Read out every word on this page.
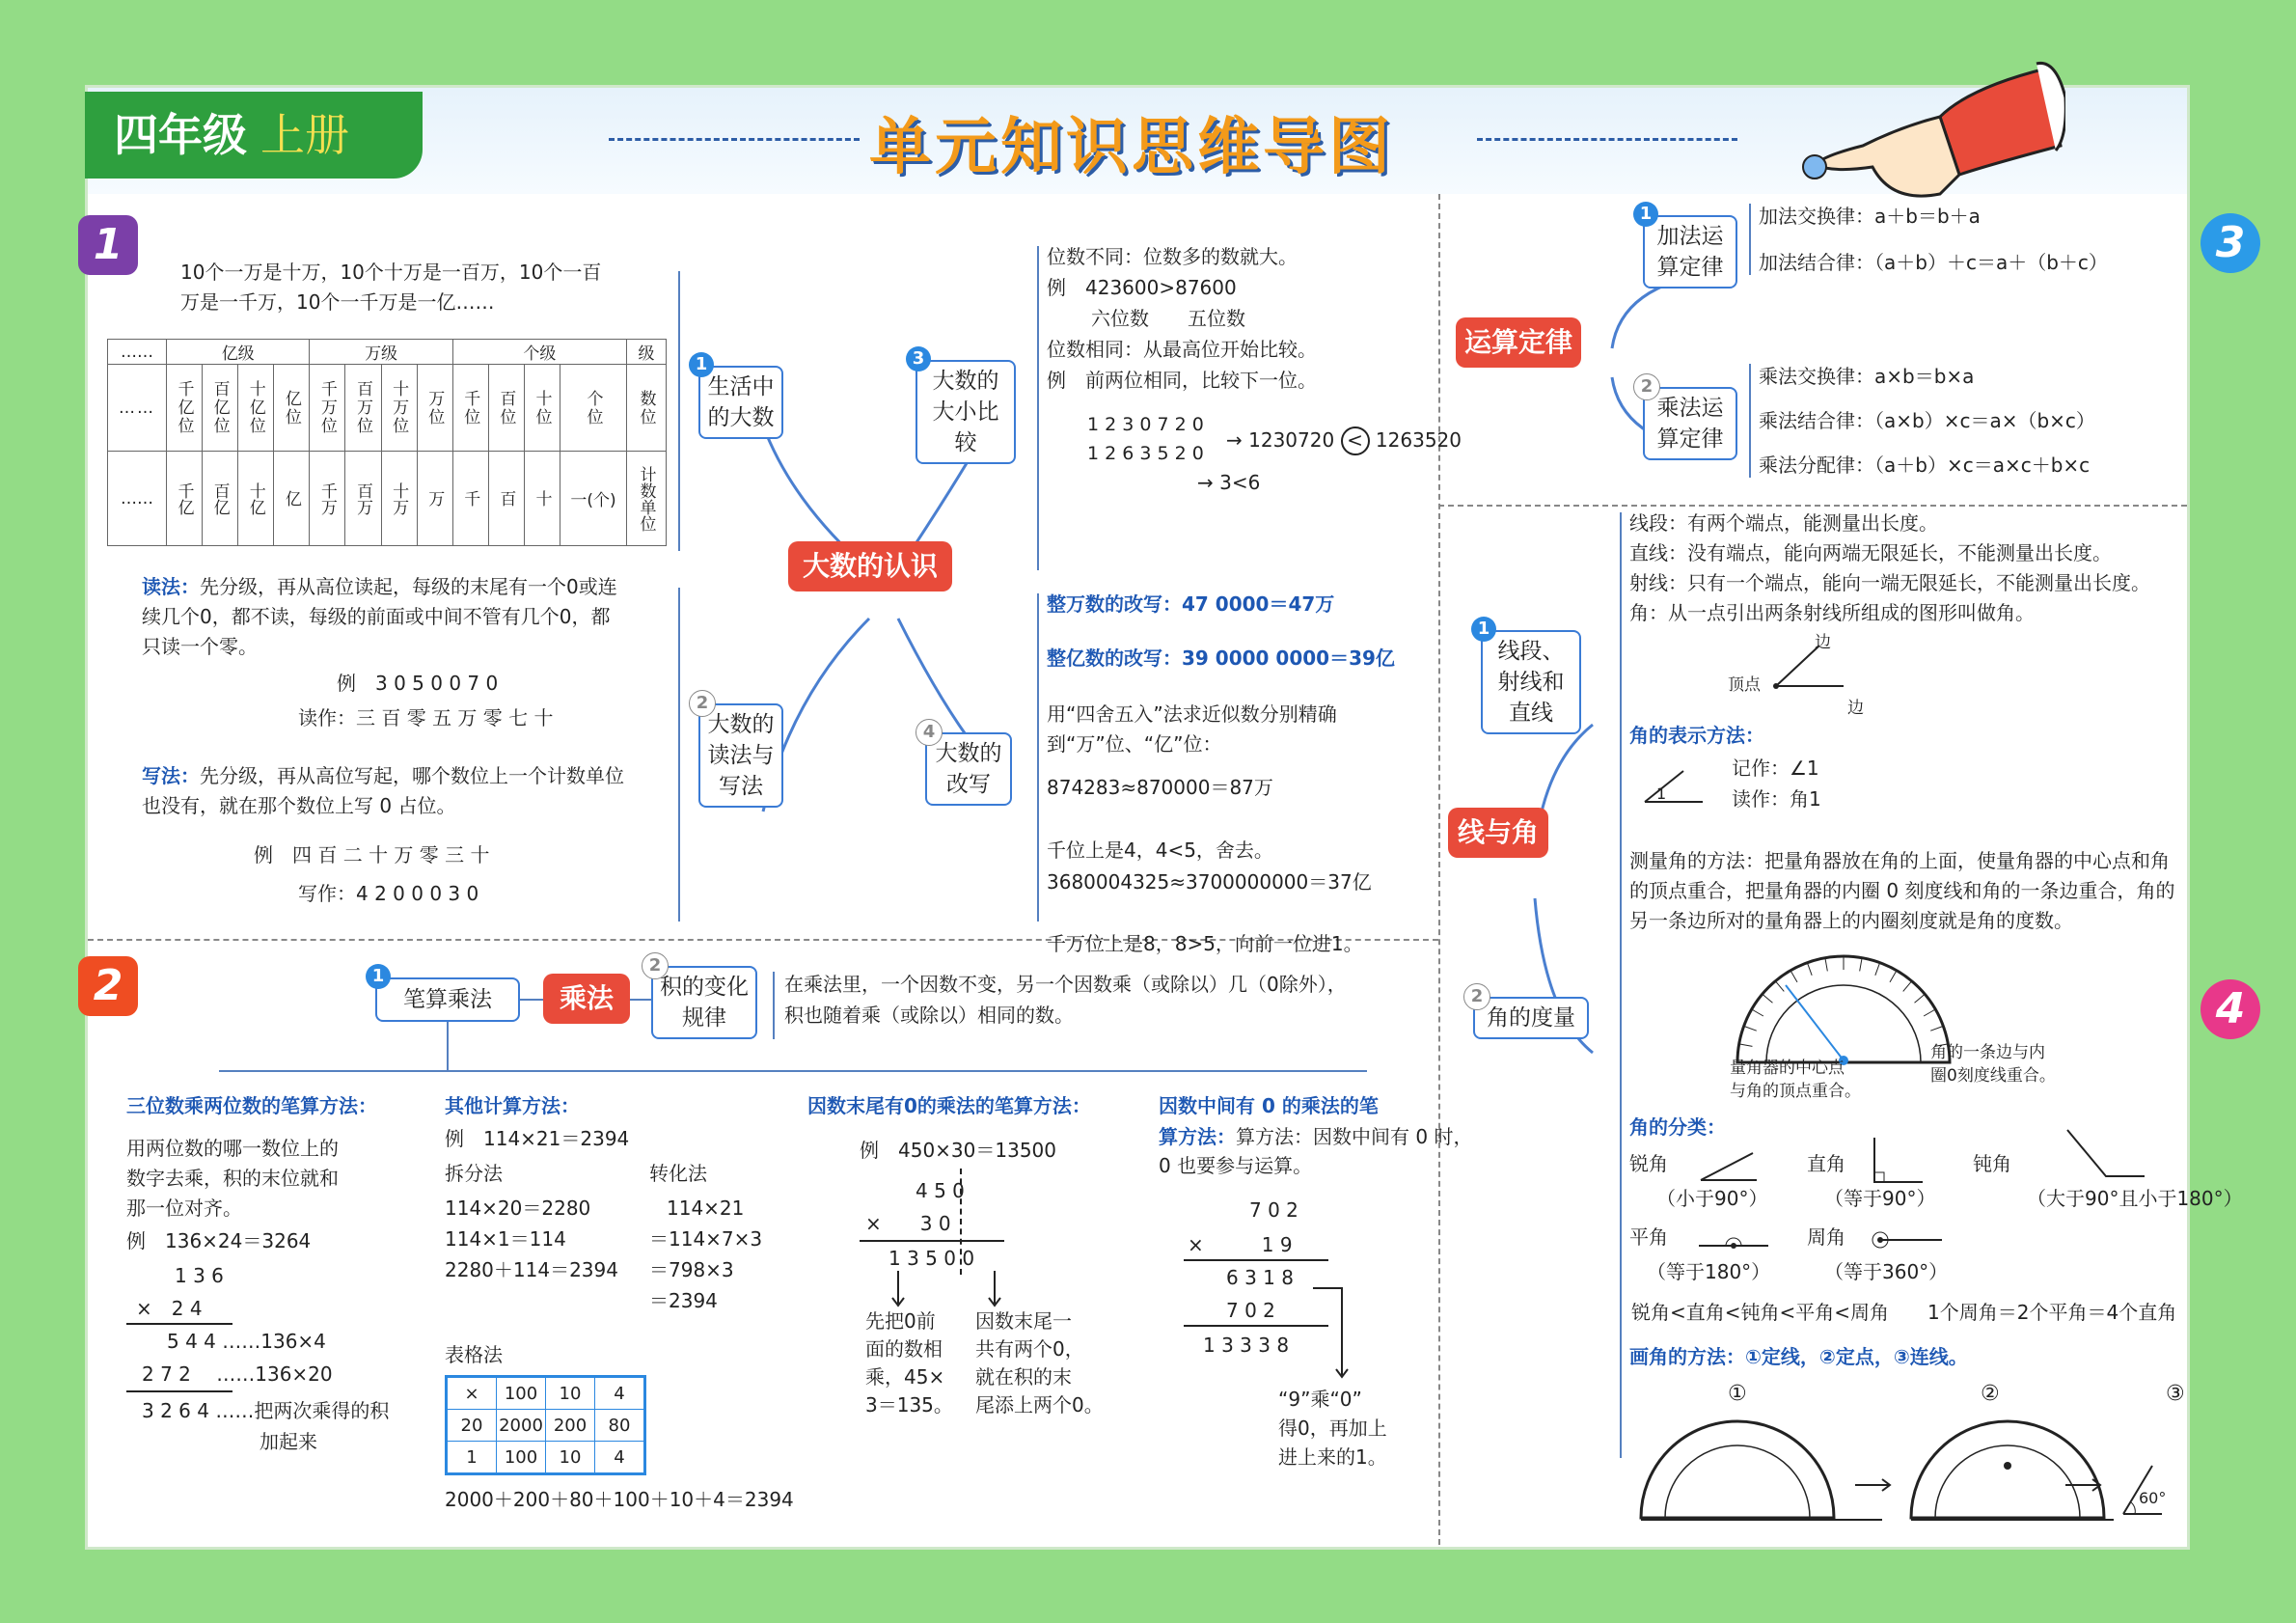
四年级 上册	单元知识思维导图
1
2
3
4
10个一万是十万，10个十万是一百万，10个一百
万是一千万，10个一千万是一亿……
……	亿级				万级				个级				级
……	千亿位	百亿位	十亿位	亿位	千万位	百万位	十万位	万位	千位	百位	十位	个位	数位
……	千亿	百亿	十亿	亿	千万	百万	十万	万	千	百	十	一(个)	计数单位
读法：先分级，再从高位读起，每级的末尾有一个0或连
续几个0，都不读，每级的前面或中间不管有几个0，都
只读一个零。
例　3 0 5 0 0 7 0
读作：三 百 零 五 万 零 七 十
写法：先分级，再从高位写起，哪个数位上一个计数单位
也没有，就在那个数位上写 0 占位。
例　四 百 二 十 万 零 三 十
写作：4 2 0 0 0 3 0
大数的认识
1
生活中的大数
2
大数的读法与写法
3
大数的大小比较
4
大数的改写
位数不同：位数多的数就大。
例　423600>87600
六位数　　五位数
位数相同：从最高位开始比较。
例　前两位相同，比较下一位。
1 2 3 0 7 2 0
1 2 6 3 5 2 0
→ 1230720 < 1263520
→ 3<6
整万数的改写：47 0000＝47万
整亿数的改写：39 0000 0000＝39亿
用“四舍五入”法求近似数分别精确
到“万”位、“亿”位：
874283≈870000＝87万
千位上是4，4<5，舍去。
3680004325≈3700000000＝37亿
千万位上是8，8>5，向前一位进1。
1
笔算乘法	乘法
2
积的变化规律
在乘法里，一个因数不变，另一个因数乘（或除以）几（0除外），
积也随着乘（或除以）相同的数。
三位数乘两位数的笔算方法：
用两位数的哪一数位上的
数字去乘，积的末位就和
那一位对齐。
例　136×24＝3264
1 3 6
×　2 4
5 4 4 ……136×4
2 7 2 　……136×20
3 2 6 4 ……把两次乘得的积
加起来
其他计算方法：
例　114×21＝2394
拆分法	转化法
114×20＝2280
114×1＝114
2280＋114＝2394
114×21
＝114×7×3
＝798×3
＝2394
表格法
×	100	10	4
20	2000	200	80
1	100	10	4
2000＋200＋80＋100＋10＋4＝2394
因数末尾有0的乘法的笔算方法：
例　450×30＝13500
4 5 0
×　　3 0
1 3 5 0 0
先把0前
面的数相
乘，45×
3＝135。
因数末尾一
共有两个0，
就在积的末
尾添上两个0。
因数中间有 0 的乘法的笔
算方法：算方法：因数中间有 0 时，
0 也要参与运算。
7 0 2
×　　　1 9
6 3 1 8
7 0 2
1 3 3 3 8
“9”乘“0”
得0，再加上
进上来的1。
运算定律
1
加法运算定律
2
乘法运算定律
加法交换律：a＋b＝b＋a
加法结合律：（a＋b）＋c＝a＋（b＋c）
乘法交换律：a×b＝b×a
乘法结合律：（a×b）×c＝a×（b×c）
乘法分配律：（a＋b）×c＝a×c＋b×c
1
线段、射线和直线
线与角
2
角的度量
线段：有两个端点，能测量出长度。
直线：没有端点，能向两端无限延长，不能测量出长度。
射线：只有一个端点，能向一端无限延长，不能测量出长度。
角：从一点引出两条射线所组成的图形叫做角。
边
顶点
边
角的表示方法：
1
记作：∠1
读作：角1
测量角的方法：把量角器放在角的上面，使量角器的中心点和角
的顶点重合，把量角器的内圈 0 刻度线和角的一条边重合，角的
另一条边所对的量角器上的内圈刻度就是角的度数。
量角器的中心点
与角的顶点重合。
角的一条边与内
圈0刻度线重合。
角的分类：
锐角
（小于90°）
直角
（等于90°）
钝角
（大于90°且小于180°）
平角
（等于180°）
周角
（等于360°）
锐角<直角<钝角<平角<周角　　1个周角＝2个平角＝4个直角
画角的方法：①定线，②定点，③连线。
①	②	③
60°
